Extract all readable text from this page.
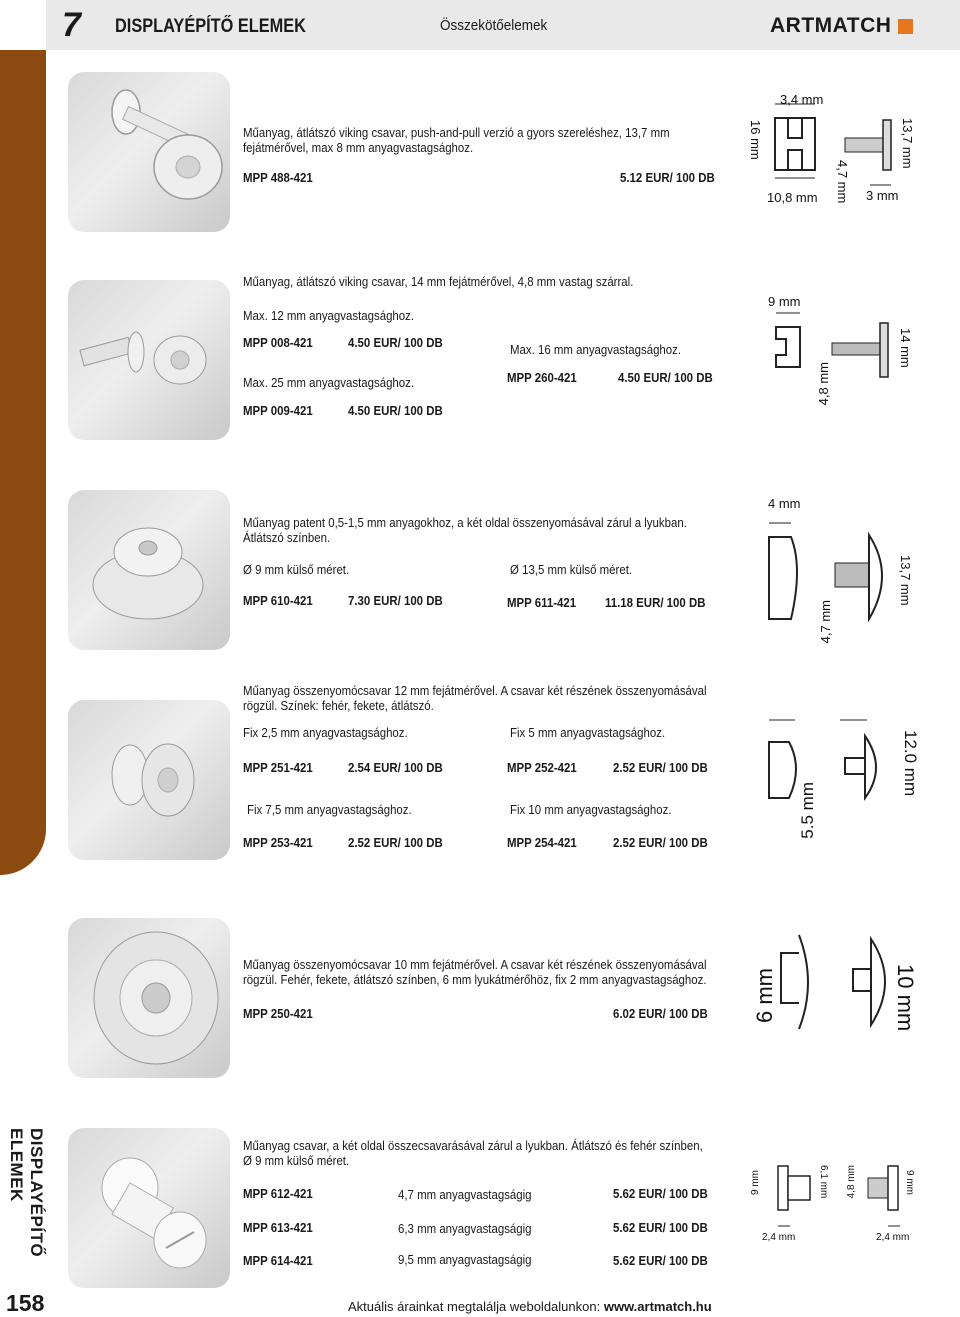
7 DISPLAYÉPÍTŐ ELEMEK	Összekötőelemek	ARTMATCH
DISPLAYÉPÍTŐ ELEMEK
158	Aktuális árainkat megtalálja weboldalunkon: www.artmatch.hu
Műanyag, átlátszó viking csavar, push-and-pull verzió a gyors szereléshez, 13,7 mm fejátmérővel, max 8 mm anyagvastagsághoz.
MPP 488-421	5.12 EUR/ 100 DB
3,4 mm
16 mm	13,7 mm
4,7 mm
10,8 mm	3 mm
Műanyag, átlátszó viking csavar, 14 mm fejátmérővel, 4,8 mm vastag szárral.
Max. 12 mm anyagvastagsághoz.
MPP 008-421	4.50 EUR/ 100 DB
Max. 25 mm anyagvastagsághoz.
MPP 009-421	4.50 EUR/ 100 DB
Max. 16 mm anyagvastagsághoz.
MPP 260-421	4.50 EUR/ 100 DB
9 mm
14 mm
4,8 mm
Műanyag patent 0,5-1,5 mm anyagokhoz, a két oldal összenyomásával zárul a lyukban. Átlátszó színben.
Ø 9 mm külső méret.
MPP 610-421	7.30 EUR/ 100 DB
Ø 13,5 mm külső méret.
MPP 611-421 11.18 EUR/ 100 DB
4 mm
13,7 mm
4,7 mm
Műanyag összenyomócsavar 12 mm fejátmérővel. A csavar két részének összenyomásával rögzül. Színek: fehér, fekete, átlátszó.
Fix 2,5 mm anyagvastagsághoz.
MPP 251-421	2.54 EUR/ 100 DB
Fix 5 mm anyagvastagsághoz.
MPP 252-421	2.52 EUR/ 100 DB
Fix 7,5 mm anyagvastagsághoz.
MPP 253-421	2.52 EUR/ 100 DB
Fix 10 mm anyagvastagsághoz.
MPP 254-421	2.52 EUR/ 100 DB
12.0 mm
5.5 mm
Műanyag összenyomócsavar 10 mm fejátmérővel. A csavar két részének összenyomásával rögzül. Fehér, fekete, átlátszó színben, 6 mm lyukátmérőhöz, fix 2 mm anyagvastagsághoz.
MPP 250-421	6.02 EUR/ 100 DB 6 mm	10 mm
Műanyag csavar, a két oldal összecsavarásával zárul a lyukban. Átlátszó és fehér színben, Ø 9 mm külső méret.
MPP 612-421	4,7 mm anyagvastagságig	5.62 EUR/ 100 DB
MPP 613-421	6,3 mm anyagvastagságig	5.62 EUR/ 100 DB
MPP 614-421	9,5 mm anyagvastagságig	5.62 EUR/ 100 DB
9 mm	6,1 mm
2,4 mm
4,8 mm	9 mm
2,4 mm
